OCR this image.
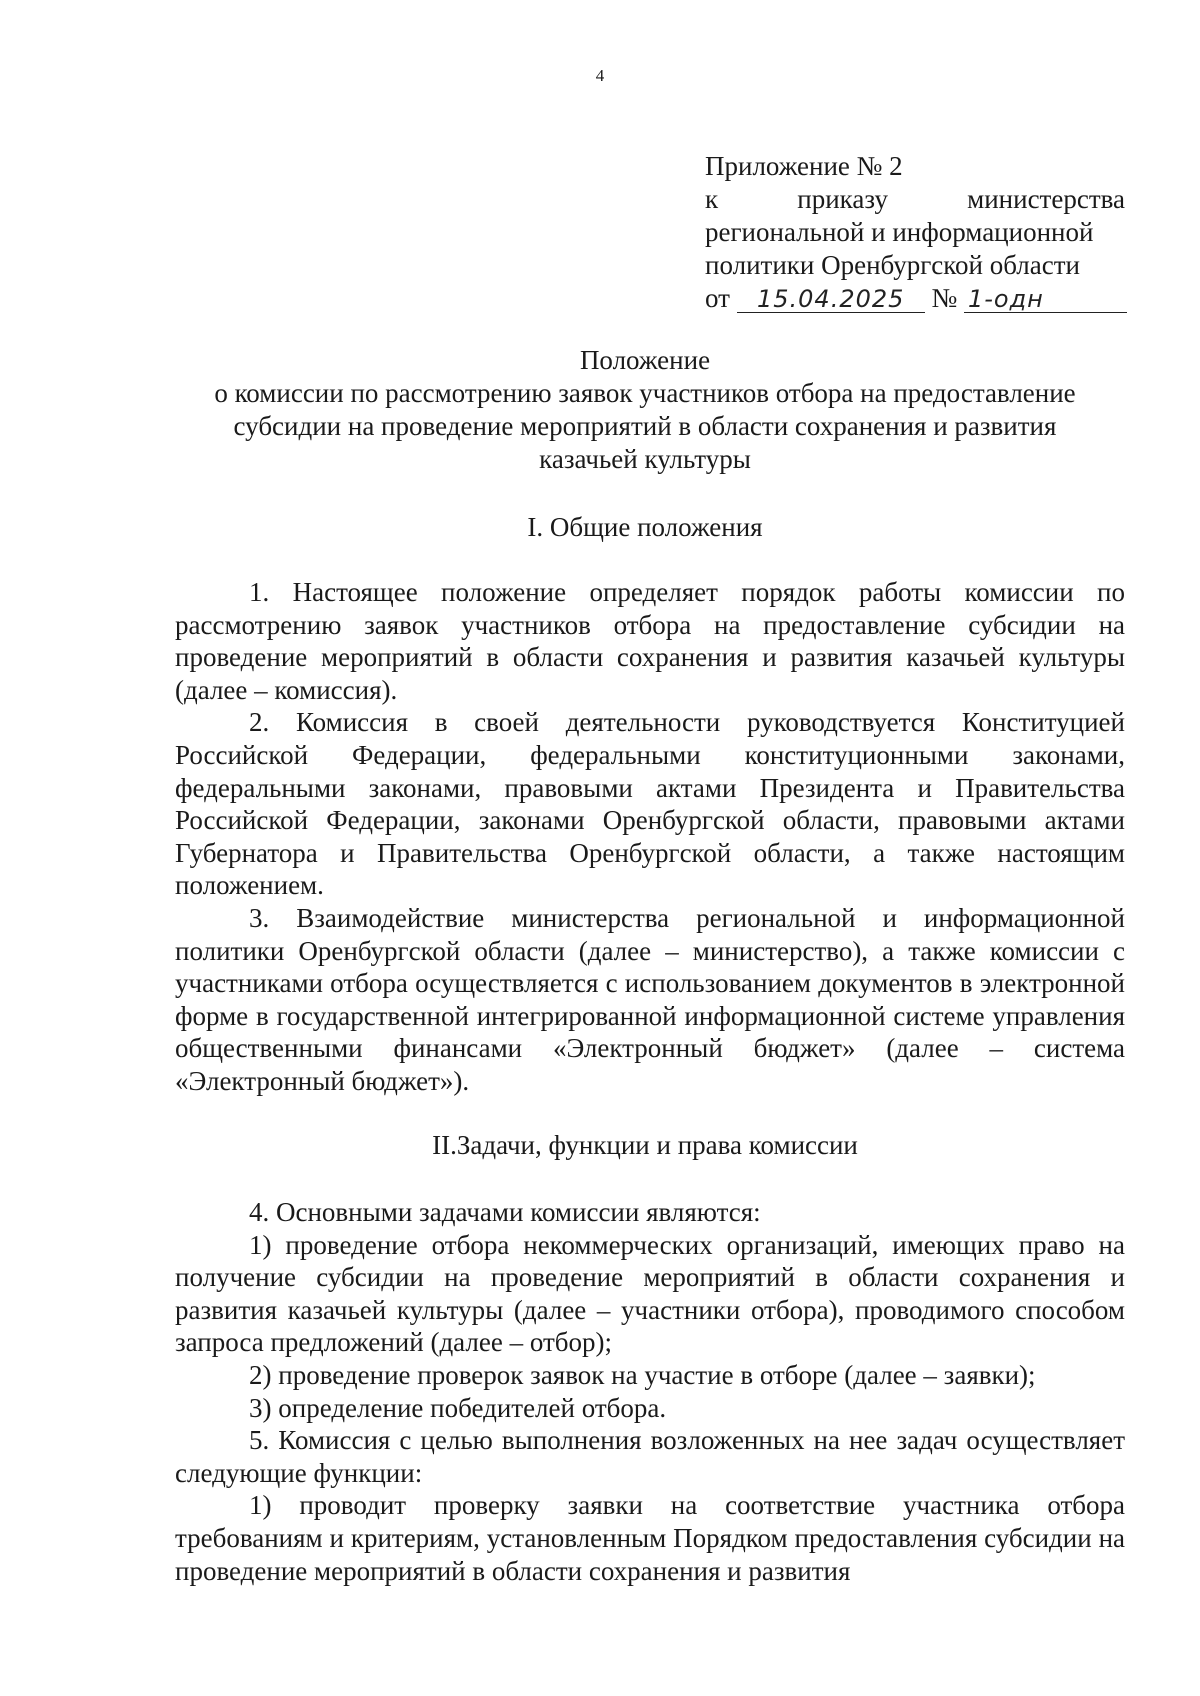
4
Приложение № 2
к приказу министерства
региональной и информационной
политики Оренбургской области
от 15.04.2025 № 1-одн
Положение
о комиссии по рассмотрению заявок участников отбора на предоставление
субсидии на проведение мероприятий в области сохранения и развития
казачьей культуры
I. Общие положения

1. Настоящее положение определяет порядок работы комиссии по рассмотрению заявок участников отбора на предоставление субсидии на проведение мероприятий в области сохранения и развития казачьей культуры (далее – комиссия).

2. Комиссия в своей деятельности руководствуется Конституцией Российской Федерации, федеральными конституционными законами, федеральными законами, правовыми актами Президента и Правительства Российской Федерации, законами Оренбургской области, правовыми актами Губернатора и Правительства Оренбургской области, а также настоящим положением.

3. Взаимодействие министерства региональной и информационной политики Оренбургской области (далее – министерство), а также комиссии с участниками отбора осуществляется с использованием документов в электронной форме в государственной интегрированной информационной системе управления общественными финансами «Электронный бюджет» (далее – система «Электронный бюджет»).

II.Задачи, функции и права комиссии

4. Основными задачами комиссии являются:

1) проведение отбора некоммерческих организаций, имеющих право на получение субсидии на проведение мероприятий в области сохранения и развития казачьей культуры (далее – участники отбора), проводимого способом запроса предложений (далее – отбор);

2) проведение проверок заявок на участие в отборе (далее – заявки);

3) определение победителей отбора.

5. Комиссия с целью выполнения возложенных на нее задач осуществляет следующие функции:

1) проводит проверку заявки на соответствие участника отбора требованиям и критериям, установленным Порядком предоставления субсидии на проведение мероприятий в области сохранения и развития
